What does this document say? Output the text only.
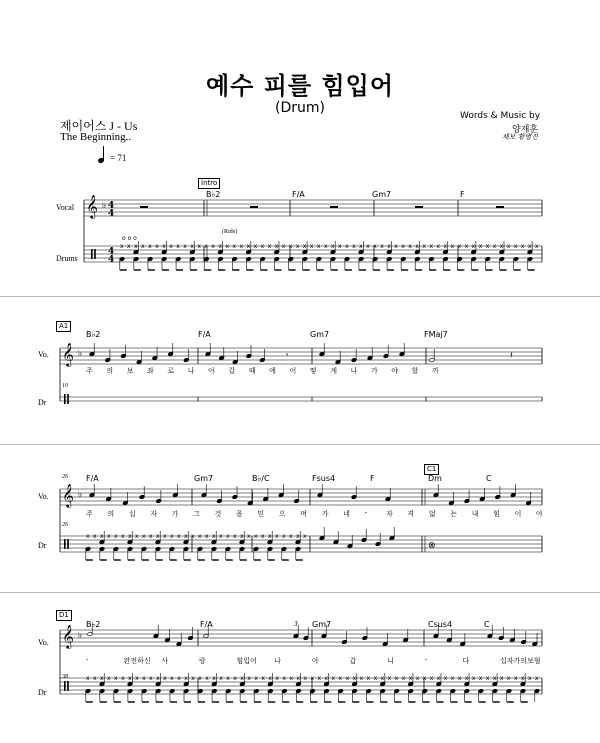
예수 피를 힘입어
(Drum)
제이어스 J - Us
The Beginning..
Words & Music by
양재훈
채보 황병진
= 71
Intro
Vocal
Drums
B♭2	F/A	Gm7	F
(Ride)
A1
Vo.
Dr
10
B♭2	F/A	Gm7	FMaj7
주 의 보 좌 로 나 아 갈 때 에 어 떻 게 나 가 야 할 까
26
26
Vo.
Dr
C1
F/A	Gm7	B♭/C	Fsus4	F	Dm	C
주 의 십 자 가 그 것 을 믿 으 며 가 네 -	자 격 없 는 내 힘 이 아
D1
Vo.
Dr
38
B♭2	F/A	Gm7	Csus4	C
-	완전하신 사	랑	힘입어 나	아	갑	니	-	다	십자가의보혈
𝄞 ♭ 4
4
4
4
x x x x x x x x x x x x x x x x x x x x x x x x x x x x x x x x x x x x x x x x x x x x x x x x x x x x x x x x x x x x
o o o
𝄞 ♭	𝄾	𝄽
𝄞 ♭
x x x x x x x x x x x x x x x x x x x x x x x x x x x x x x x x
⊗
𝄞 ♭
x x x x x x x x x x x x x x x x x x x x x x x x x x x x x x x x x x x x x x x x x x x x x x x x x x x x x x x x x x x x x x x x x
3
